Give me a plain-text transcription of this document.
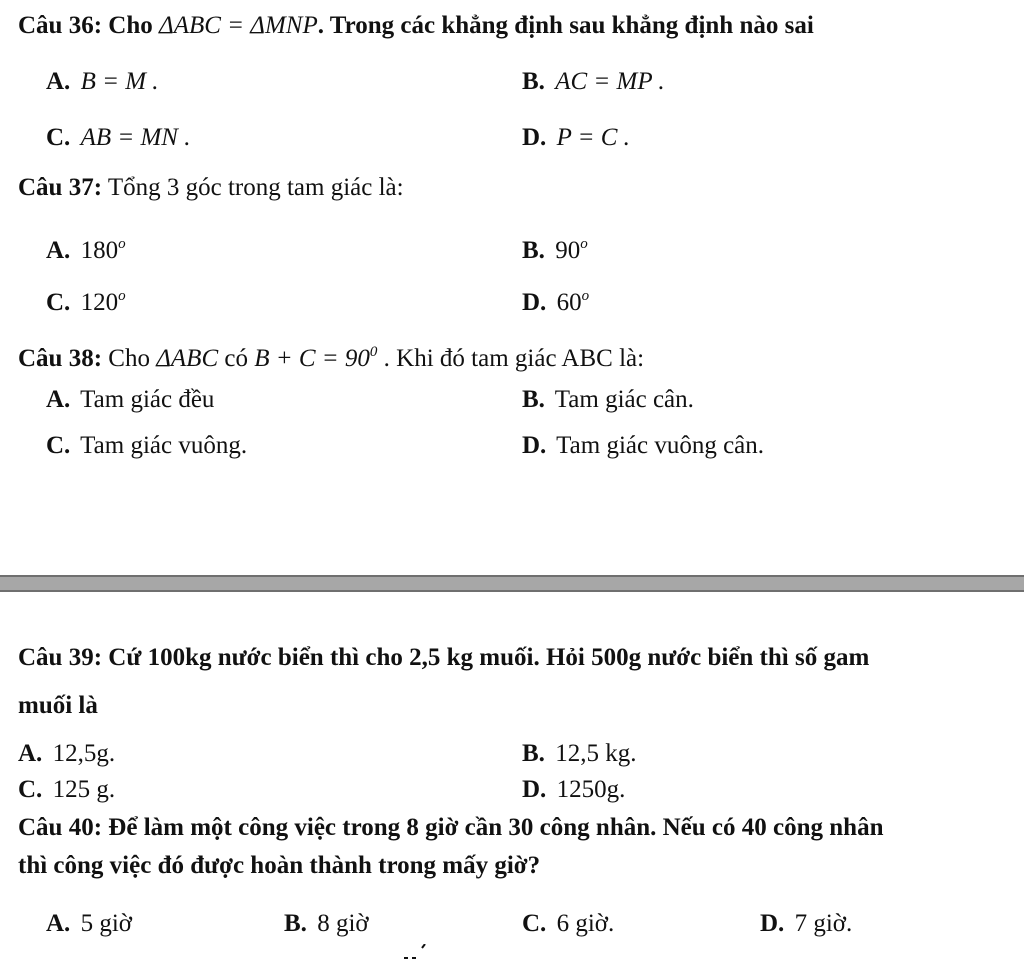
Câu 36: Cho ΔABC = ΔMNP. Trong các khẳng định sau khẳng định nào sai
A. B = M .	B. AC = MP .
C. AB = MN .	D. P = C .
Câu 37: Tổng 3 góc trong tam giác là:
A. 180$^o$	B. 90$^o$
C. 120$^o$	D. 60$^o$
Câu 38: Cho ΔABC có $B + C = 90^0$ . Khi đó tam giác ABC là:
A. Tam giác đều	B. Tam giác cân.
C. Tam giác vuông.	D. Tam giác vuông cân.
Câu 39: Cứ 100kg nước biển thì cho 2,5 kg muối. Hỏi 500g nước biển thì số gam
muối là
A. 12,5g.	B. 12,5 kg.
C. 125 g.	D. 1250g.
Câu 40: Để làm một công việc trong 8 giờ cần 30 công nhân. Nếu có 40 công nhân
thì công việc đó được hoàn thành trong mấy giờ?
A. 5 giờ	B. 8 giờ	C. 6 giờ.	D. 7 giờ.
